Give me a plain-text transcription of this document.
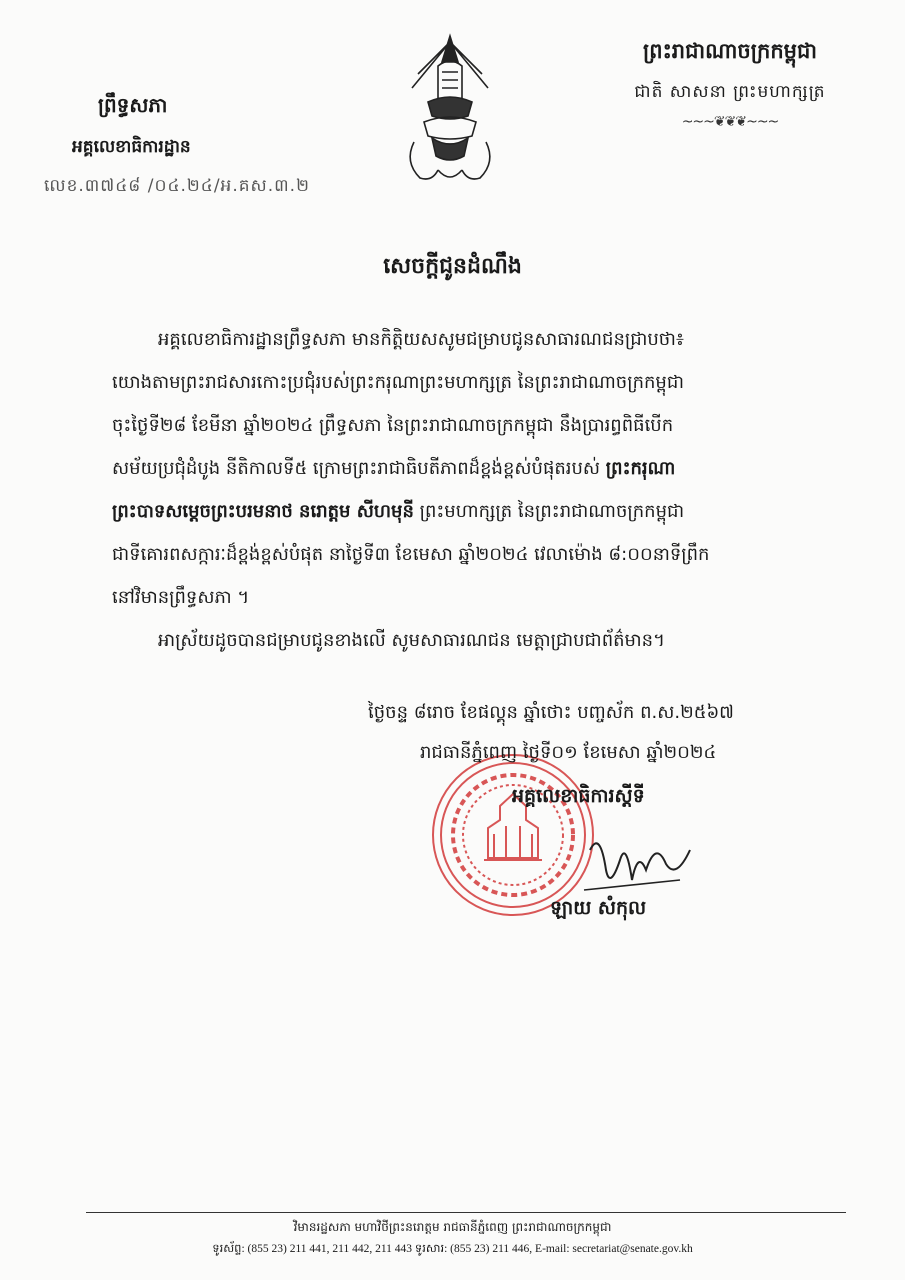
ព្រឹទ្ធសភា
អគ្គលេខាធិការដ្ឋាន
លេខ.៣៧៤៨ /០៤.២៤/អ.គស.៣.២
ព្រះរាជាណាចក្រកម្ពុជា
ជាតិ សាសនា ព្រះមហាក្សត្រ
~~~❦❦❦~~~
សេចក្តីជូនដំណឹង
អគ្គលេខាធិការដ្ឋានព្រឹទ្ធសភា មានកិត្តិយសសូមជម្រាបជូនសាធារណជនជ្រាបថា៖
យោងតាមព្រះរាជសារកោះប្រជុំរបស់ព្រះករុណាព្រះមហាក្សត្រ នៃព្រះរាជាណាចក្រកម្ពុជា
ចុះថ្ងៃទី២៨ ខែមីនា ឆ្នាំ២០២៤ ព្រឹទ្ធសភា នៃព្រះរាជាណាចក្រកម្ពុជា នឹងប្រារព្ធពិធីបើក
សម័យប្រជុំដំបូង នីតិកាលទី៥ ក្រោមព្រះរាជាធិបតីភាពដ៏ខ្ពង់ខ្ពស់បំផុតរបស់ ព្រះករុណា
ព្រះបាទសម្តេចព្រះបរមនាថ នរោត្តម សីហមុនី ព្រះមហាក្សត្រ នៃព្រះរាជាណាចក្រកម្ពុជា
ជាទីគោរពសក្ការៈដ៏ខ្ពង់ខ្ពស់បំផុត នាថ្ងៃទី៣ ខែមេសា ឆ្នាំ២០២៤ វេលាម៉ោង ៨:០០នាទីព្រឹក
នៅវិមានព្រឹទ្ធសភា ។
អាស្រ័យដូចបានជម្រាបជូនខាងលើ សូមសាធារណជន មេត្តាជ្រាបជាព័ត៌មាន។
ថ្ងៃចន្ទ ៨រោច ខែផល្គុន ឆ្នាំថោះ បញ្ចស័ក ព.ស.២៥៦៧
រាជធានីភ្នំពេញ ថ្ងៃទី០១ ខែមេសា ឆ្នាំ២០២៤
អគ្គលេខាធិការស្តីទី
ឡាយ សំកុល
វិមានរដ្ឋសភា មហាវិថីព្រះនរោត្តម រាជធានីភ្នំពេញ ព្រះរាជាណាចក្រកម្ពុជា
ទូរស័ព្ទ: (855 23) 211 441, 211 442, 211 443 ទូរសារ: (855 23) 211 446, E-mail: secretariat@senate.gov.kh
